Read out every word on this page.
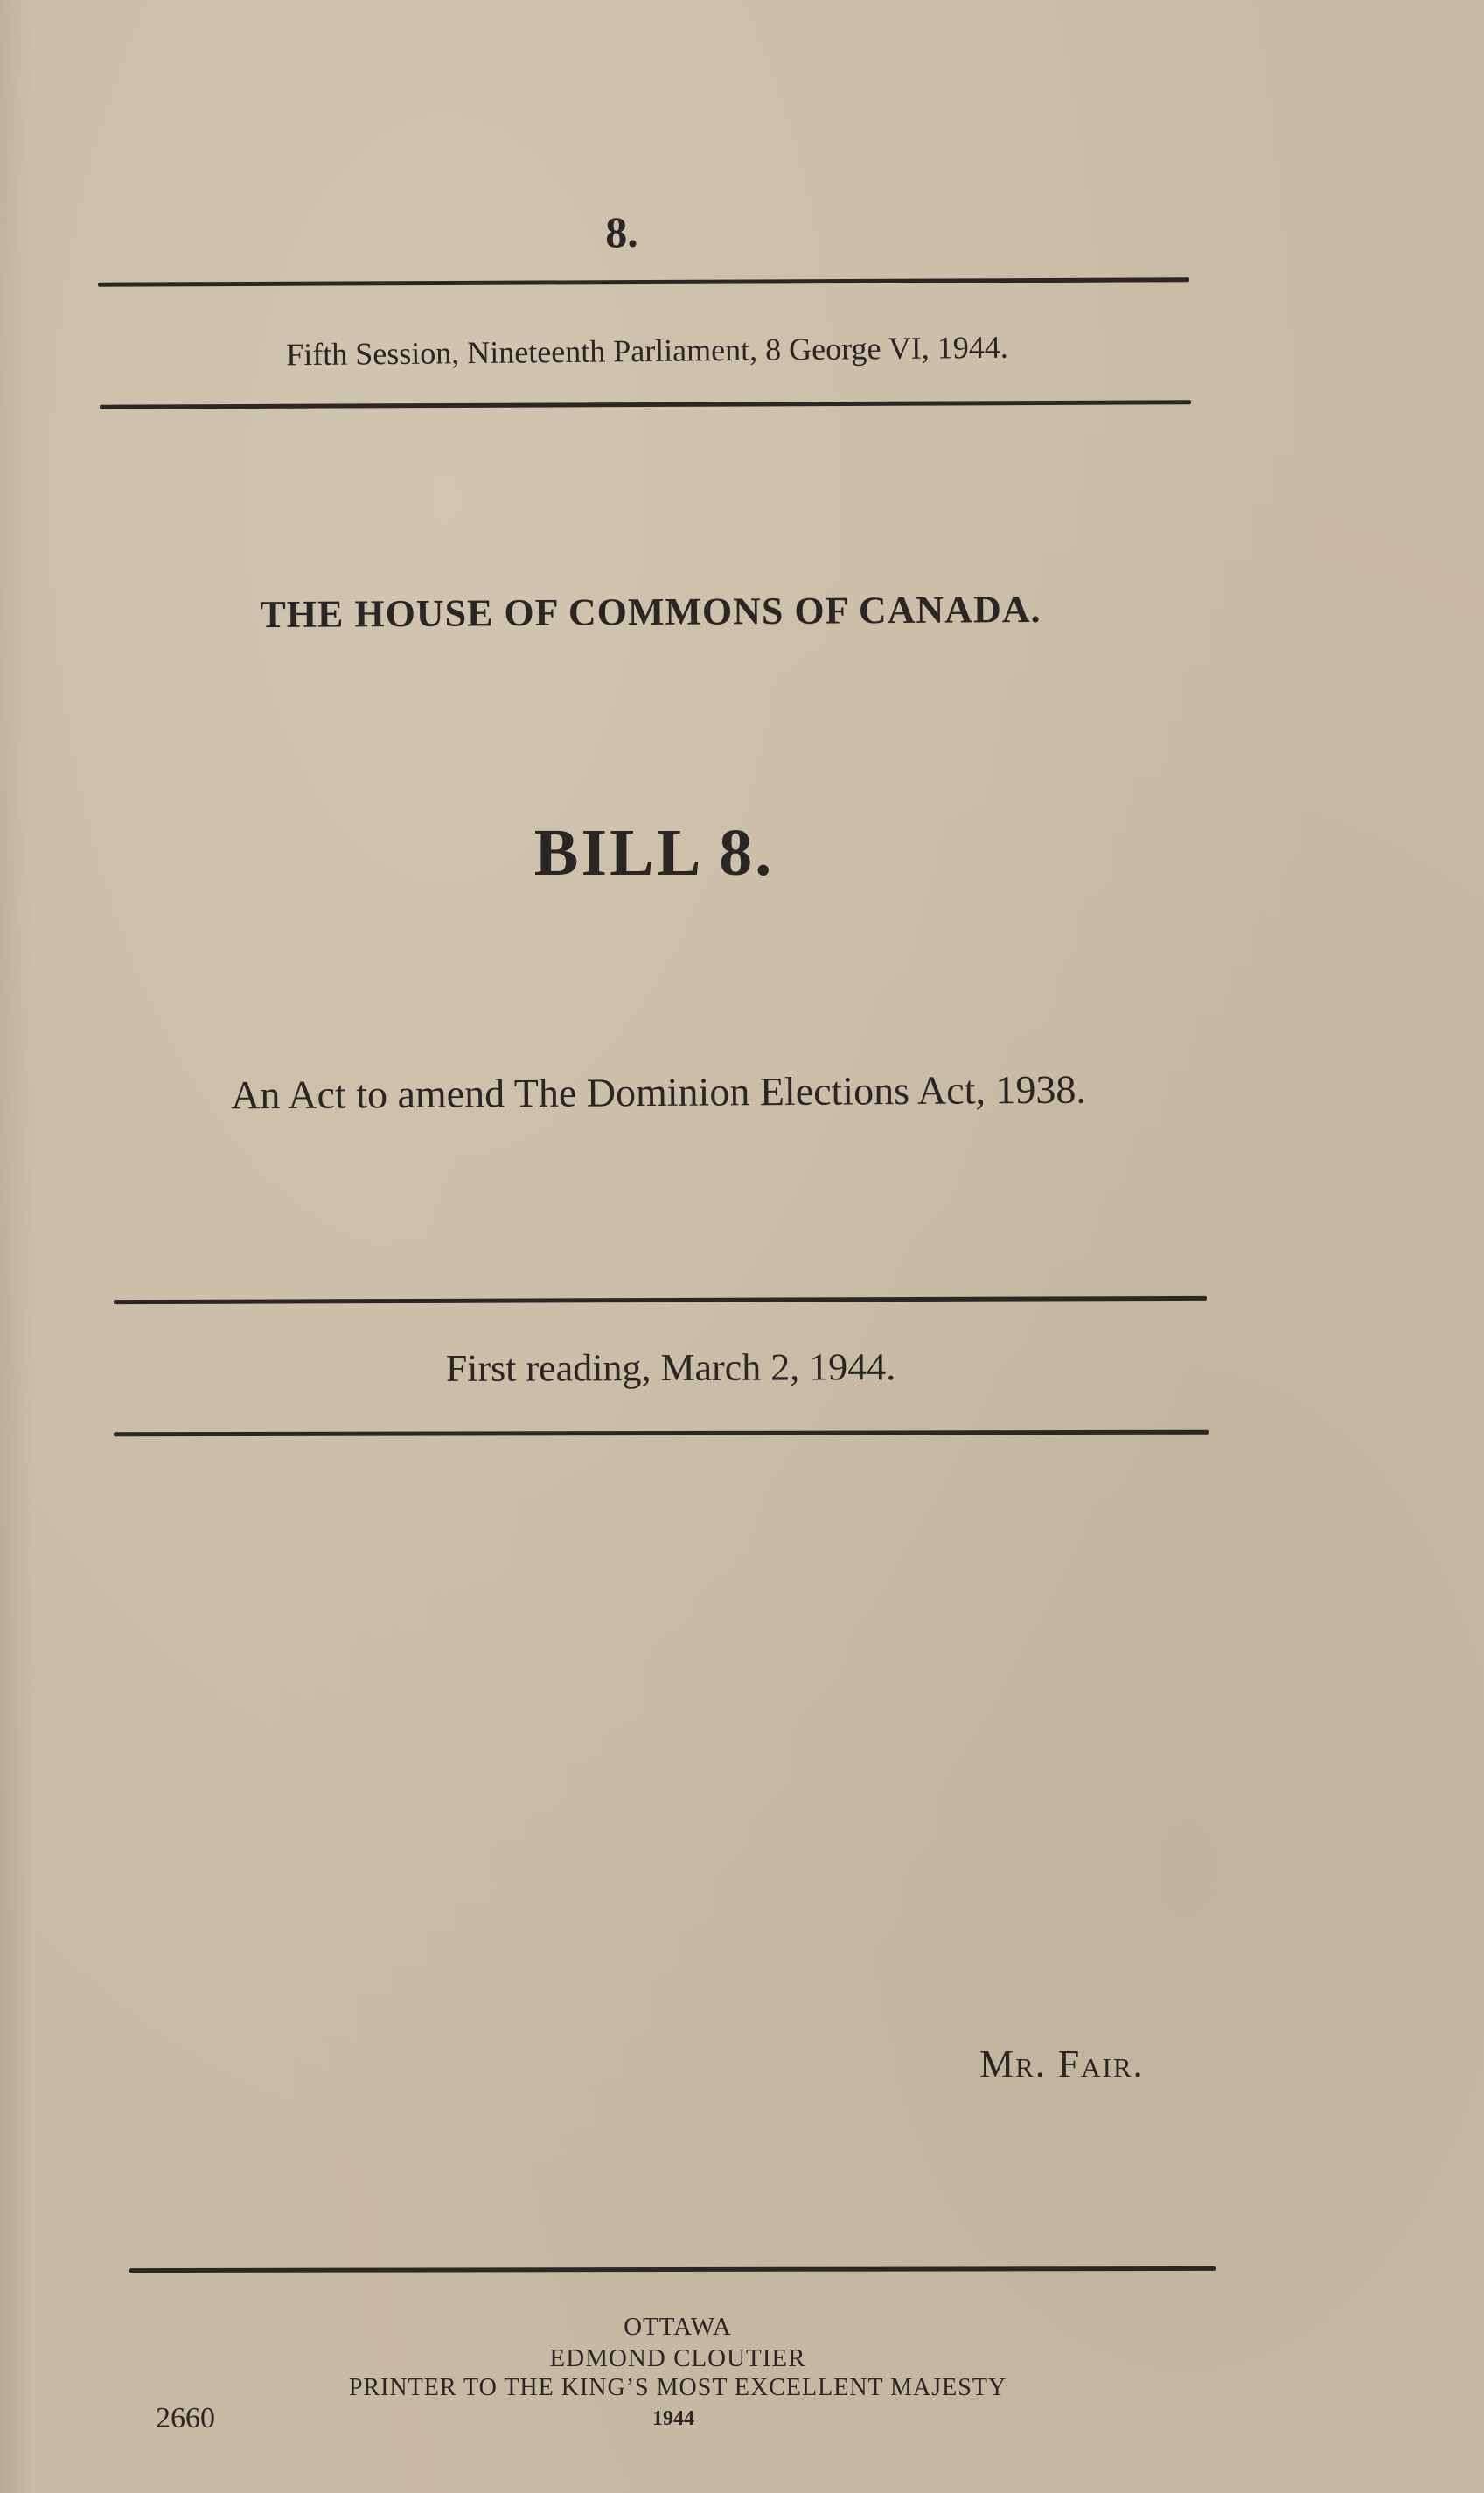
8.
Fifth Session, Nineteenth Parliament, 8 George VI, 1944.
THE HOUSE OF COMMONS OF CANADA.
BILL 8.
An Act to amend The Dominion Elections Act, 1938.
First reading, March 2, 1944.
Mr. Fair.
OTTAWA
EDMOND CLOUTIER
PRINTER TO THE KING’S MOST EXCELLENT MAJESTY
1944
2660
